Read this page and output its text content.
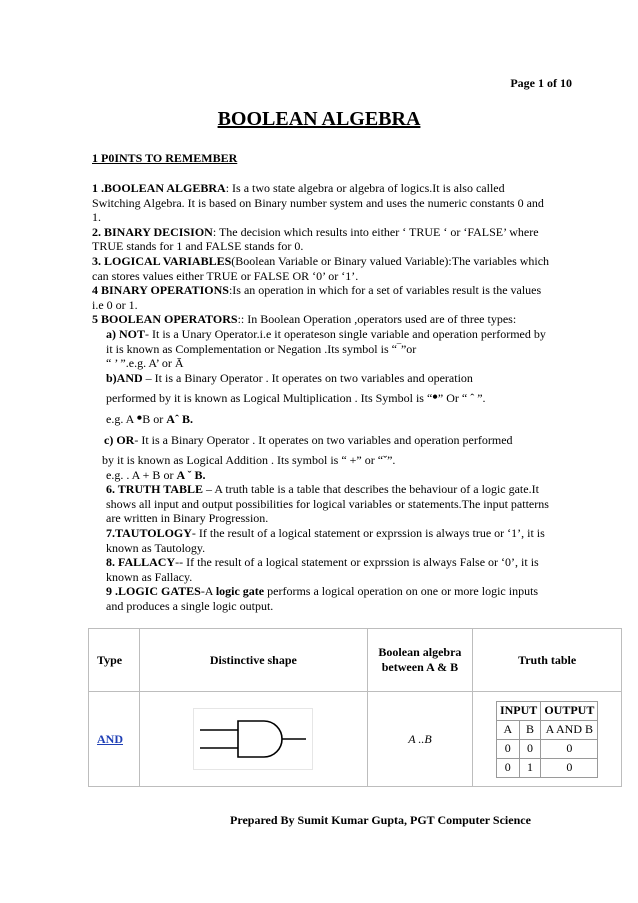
Page 1 of 10
BOOLEAN ALGEBRA
1 P0INTS TO REMEMBER

1 .BOOLEAN ALGEBRA: Is a two state algebra or algebra of logics.It is also called Switching Algebra. It is based on Binary number system and uses the numeric constants 0 and 1.

2. BINARY DECISION: The decision which results into either ‘ TRUE ‘ or ‘FALSE’ where TRUE stands for 1 and FALSE stands for 0.

3. LOGICAL VARIABLES(Boolean Variable or Binary valued Variable):The variables which can stores values either TRUE or FALSE OR ‘0’ or ‘1’.

4 BINARY OPERATIONS:Is an operation in which for a set of variables result is the values i.e 0 or 1.

5 BOOLEAN OPERATORS:: In Boolean Operation ,operators used are of three types:

a) NOT- It is a Unary Operator.i.e it operateson single variable and operation performed by it is known as Complementation or Negation .Its symbol is “‾”or

“ ’ ”.e.g. A’ or Ā

b)AND – It is a Binary Operator . It operates on two variables and operation

performed by it is known as Logical Multiplication . Its Symbol is “•” Or “ ˆ ”.

e.g. A •B or Aˆ B.

c) OR- It is a Binary Operator . It operates on two variables and operation performed

by it is known as Logical Addition . Its symbol is “ +” or “ˇ”.

e.g. . A + B or A ˇ B.

6. TRUTH TABLE – A truth table is a table that describes the behaviour of a logic gate.It shows all input and output possibilities for logical variables or statements.The input patterns are written in Binary Progression.

7.TAUTOLOGY- If the result of a logical statement or exprssion is always true or ‘1’, it is known as Tautology.

8. FALLACY-- If the result of a logical statement or exprssion is always False or ‘0’, it is known as Fallacy.

9 .LOGIC GATES-A logic gate performs a logical operation on one or more logic inputs and produces a single logic output.

Type	Distinctive shape	Boolean algebra between A & B	Truth table
AND		A ..B	
INPUT	OUTPUT
A	B	A AND B
0	0	0
0	1	0
Prepared By Sumit Kumar Gupta, PGT Computer Science
